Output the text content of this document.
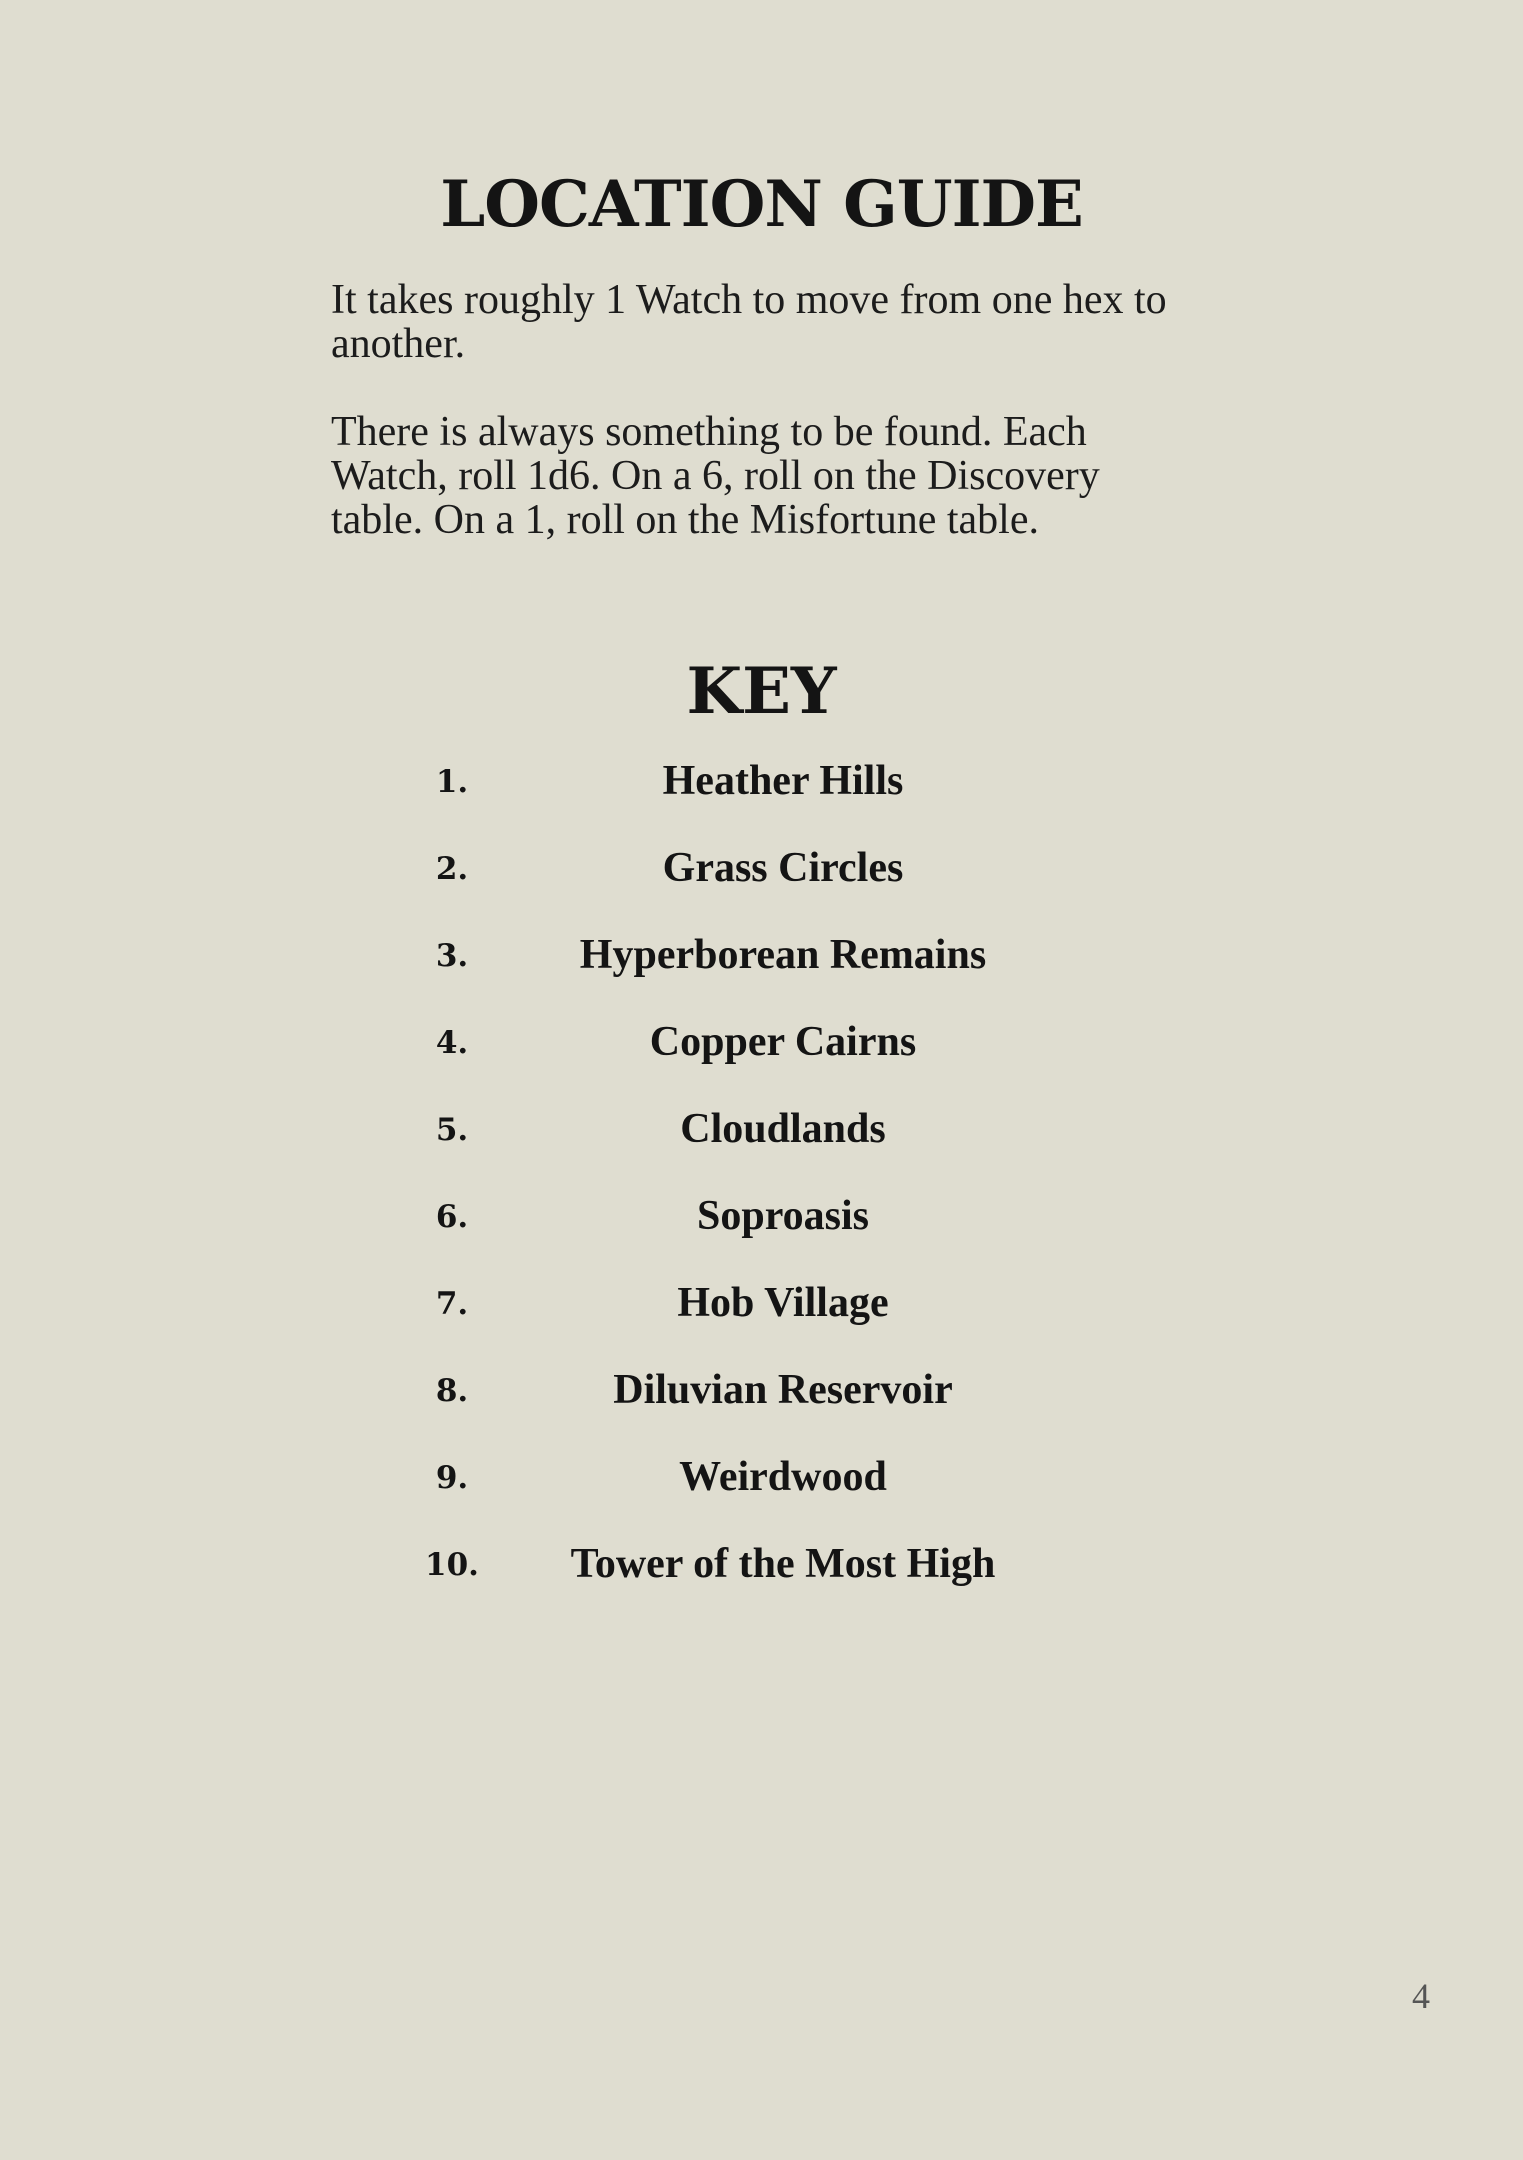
LOCATION GUIDE

It takes roughly 1 Watch to move from one hex to another.

There is always something to be found. Each Watch, roll 1d6. On a 6, roll on the Discovery table. On a 1, roll on the Misfortune table.

KEY
1.	Heather Hills
2.	Grass Circles
3.	Hyperborean Remains
4.	Copper Cairns
5.	Cloudlands
6.	Soproasis
7.	Hob Village
8.	Diluvian Reservoir
9.	Weirdwood
10.	Tower of the Most High
4
